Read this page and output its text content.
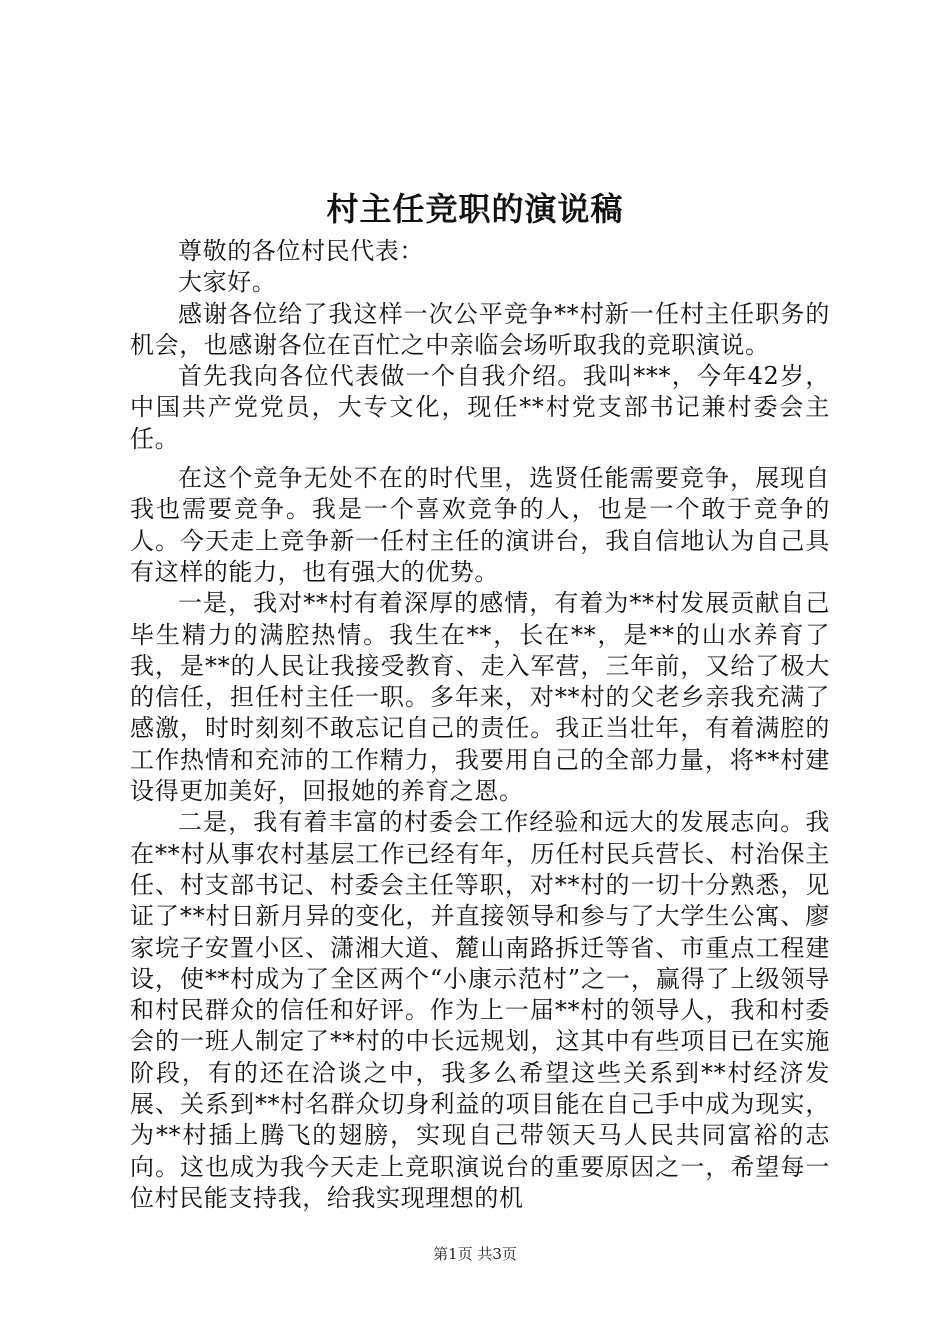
村主任竞职的演说稿

尊敬的各位村民代表：

大家好。

感谢各位给了我这样一次公平竞争**村新一任村主任职务的机会，也感谢各位在百忙之中亲临会场听取我的竞职演说。

首先我向各位代表做一个自我介绍。我叫***，今年42岁，中国共产党党员，大专文化，现任**村党支部书记兼村委会主任。

在这个竞争无处不在的时代里，选贤任能需要竞争，展现自我也需要竞争。我是一个喜欢竞争的人，也是一个敢于竞争的人。今天走上竞争新一任村主任的演讲台，我自信地认为自己具有这样的能力，也有强大的优势。

一是，我对**村有着深厚的感情，有着为**村发展贡献自己毕生精力的满腔热情。我生在**，长在**，是**的山水养育了我，是**的人民让我接受教育、走入军营，三年前，又给了极大的信任，担任村主任一职。多年来，对**村的父老乡亲我充满了感激，时时刻刻不敢忘记自己的责任。我正当壮年，有着满腔的工作热情和充沛的工作精力，我要用自己的全部力量，将**村建设得更加美好，回报她的养育之恩。

二是，我有着丰富的村委会工作经验和远大的发展志向。我在**村从事农村基层工作已经有年，历任村民兵营长、村治保主任、村支部书记、村委会主任等职，对**村的一切十分熟悉，见证了**村日新月异的变化，并直接领导和参与了大学生公寓、廖家垸子安置小区、潇湘大道、麓山南路拆迁等省、市重点工程建设，使**村成为了全区两个“小康示范村”之一，赢得了上级领导和村民群众的信任和好评。作为上一届**村的领导人，我和村委会的一班人制定了**村的中长远规划，这其中有些项目已在实施阶段，有的还在洽谈之中，我多么希望这些关系到**村经济发展、关系到**村名群众切身利益的项目能在自己手中成为现实，为**村插上腾飞的翅膀，实现自己带领天马人民共同富裕的志向。这也成为我今天走上竞职演说台的重要原因之一，希望每一位村民能支持我，给我实现理想的机

第1页 共3页
